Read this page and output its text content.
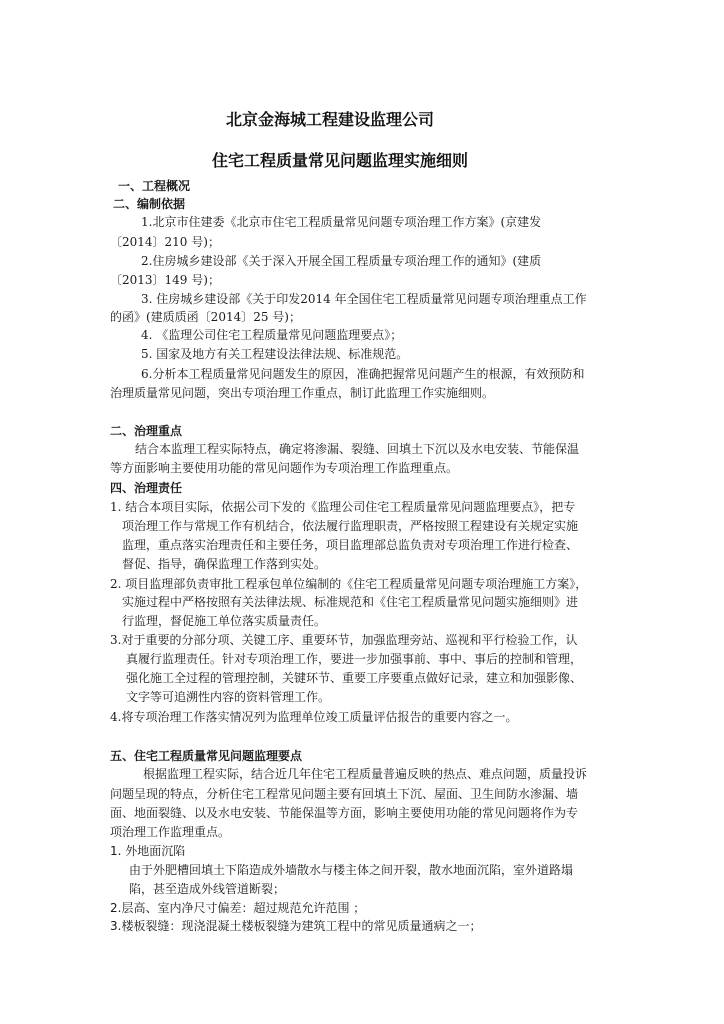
北京金海城工程建设监理公司
住宅工程质量常见问题监理实施细则
一、工程概况
二、编制依据
1.北京市住建委《北京市住宅工程质量常见问题专项治理工作方案》(京建发
〔2014〕210 号)；
2.住房城乡建设部《关于深入开展全国工程质量专项治理工作的通知》(建质
〔2013〕149 号)；
3. 住房城乡建设部《关于印发2014 年全国住宅工程质量常见问题专项治理重点工作
的函》(建质质函〔2014〕25 号)；
4. 《监理公司住宅工程质量常见问题监理要点》；
5. 国家及地方有关工程建设法律法规、标准规范。
6.分析本工程质量常见问题发生的原因，准确把握常见问题产生的根源，有效预防和
治理质量常见问题，突出专项治理工作重点，制订此监理工作实施细则。
二、治理重点
结合本监理工程实际特点，确定将渗漏、裂缝、回填土下沉以及水电安装、节能保温
等方面影响主要使用功能的常见问题作为专项治理工作监理重点。
四、治理责任
1. 结合本项目实际，依据公司下发的《监理公司住宅工程质量常见问题监理要点》，把专
项治理工作与常规工作有机结合，依法履行监理职责，严格按照工程建设有关规定实施
监理，重点落实治理责任和主要任务，项目监理部总监负责对专项治理工作进行检查、
督促、指导，确保监理工作落到实处。
2. 项目监理部负责审批工程承包单位编制的《住宅工程质量常见问题专项治理施工方案》，
实施过程中严格按照有关法律法规、标准规范和《住宅工程质量常见问题实施细则》进
行监理，督促施工单位落实质量责任。
3.对于重要的分部分项、关键工序、重要环节，加强监理旁站、巡视和平行检验工作，认
真履行监理责任。针对专项治理工作，要进一步加强事前、事中、事后的控制和管理，
强化施工全过程的管理控制，关键环节、重要工序要重点做好记录，建立和加强影像、
文字等可追溯性内容的资料管理工作。
4.将专项治理工作落实情况列为监理单位竣工质量评估报告的重要内容之一。
五、住宅工程质量常见问题监理要点
根据监理工程实际，结合近几年住宅工程质量普遍反映的热点、难点问题，质量投诉
问题呈现的特点，分析住宅工程常见问题主要有回填土下沉、屋面、卫生间防水渗漏、墙
面、地面裂缝、以及水电安装、节能保温等方面，影响主要使用功能的常见问题将作为专
项治理工作监理重点。
1. 外地面沉陷
由于外肥槽回填土下陷造成外墙散水与楼主体之间开裂，散水地面沉陷，室外道路塌
陷，甚至造成外线管道断裂；
2.层高、室内净尺寸偏差：超过规范允许范围 ；
3.楼板裂缝：现浇混凝土楼板裂缝为建筑工程中的常见质量通病之一；
